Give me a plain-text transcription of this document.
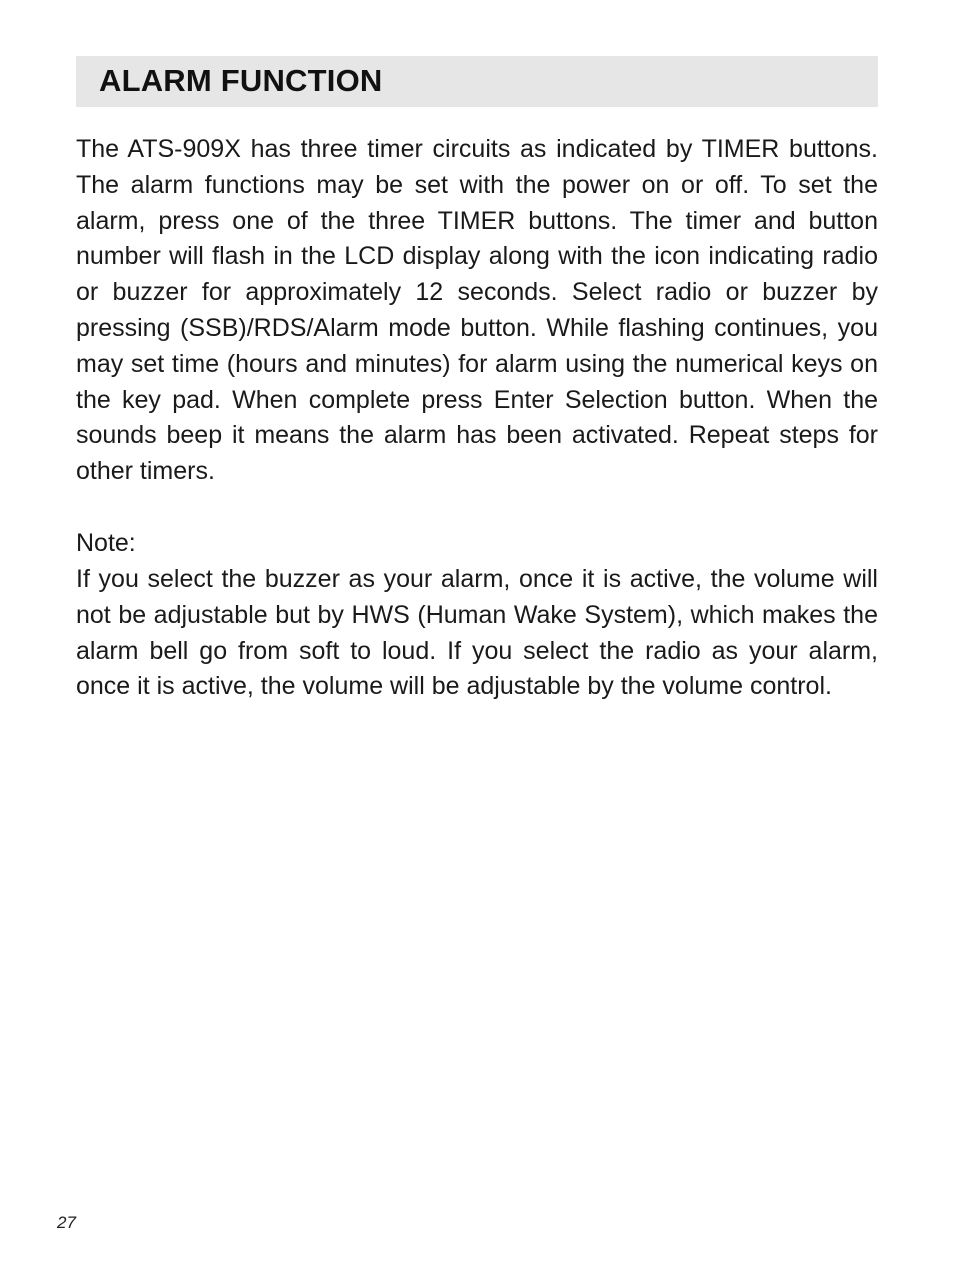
ALARM FUNCTION

The ATS-909X has three timer circuits as indicated by TIMER buttons. The alarm functions may be set with the power on or off. To set the alarm, press one of the three TIMER buttons. The timer and button number will flash in the LCD display along with the icon indicating radio or buzzer for approximately 12 seconds. Select radio or buzzer by pressing (SSB)/RDS/Alarm mode button. While flashing continues, you may set time (hours and minutes) for alarm using the numerical keys on the key pad. When complete press Enter Selection button. When the sounds beep it means the alarm has been activated. Repeat steps for other timers.

Note:

If you select the buzzer as your alarm, once it is active, the volume will not be adjustable but by HWS (Human Wake System), which makes the alarm bell go from soft to loud. If you select the radio as your alarm, once it is active, the volume will be adjustable by the volume control.

27
